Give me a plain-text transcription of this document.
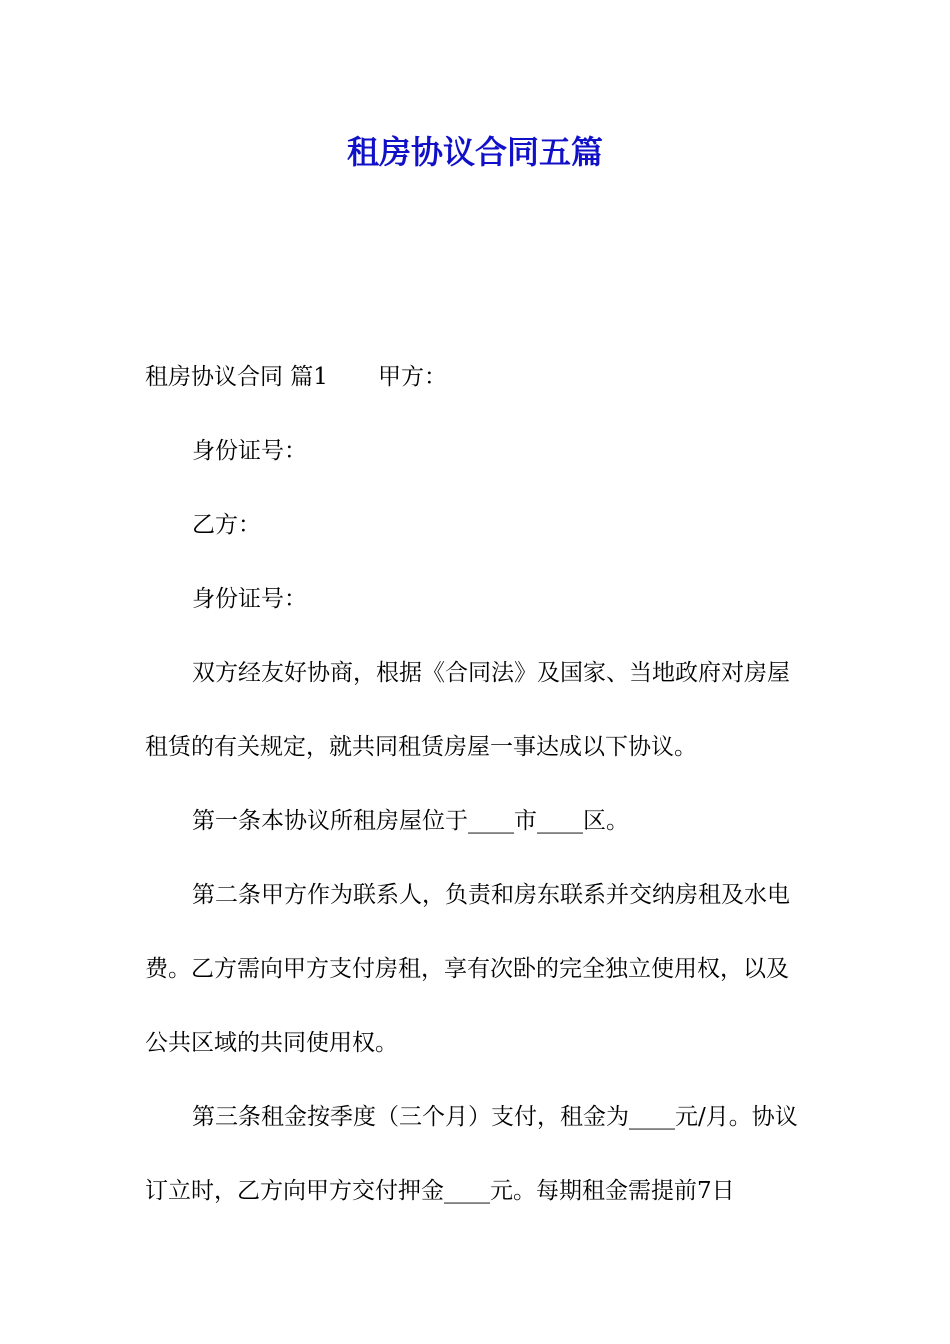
租房协议合同五篇

租房协议合同 篇1 甲方：

身份证号：

乙方：

身份证号：

双方经友好协商，根据《合同法》及国家、当地政府对房屋租赁的有关规定，就共同租赁房屋一事达成以下协议。

第一条本协议所租房屋位于____市____区。

第二条甲方作为联系人，负责和房东联系并交纳房租及水电费。乙方需向甲方支付房租，享有次卧的完全独立使用权，以及公共区域的共同使用权。

第三条租金按季度（三个月）支付，租金为____元/月。协议订立时，乙方向甲方交付押金____元。每期租金需提前7日
